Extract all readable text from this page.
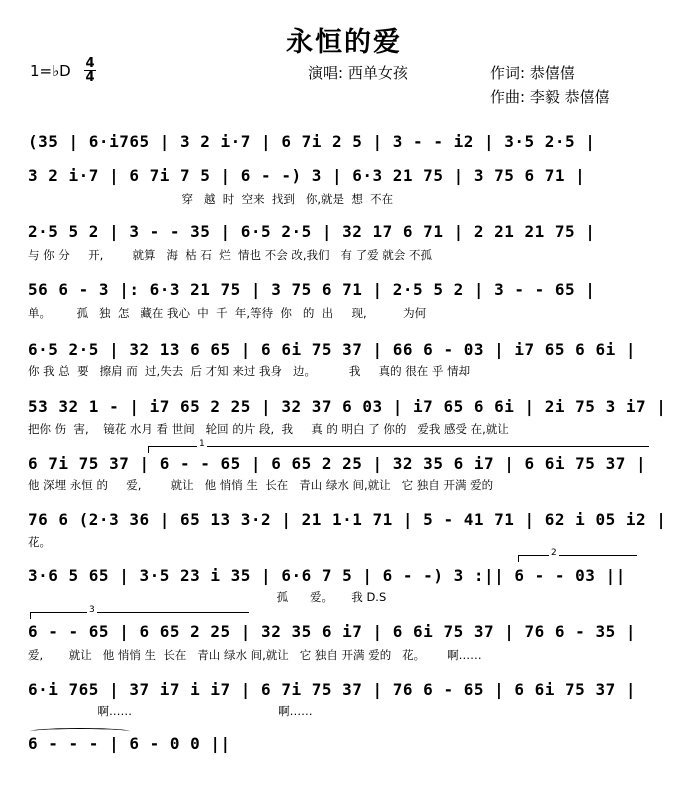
永恒的爱
1=♭D 4
4	演唱: 西单女孩	作词: 恭僖僖
作曲: 李毅 恭僖僖
(35 | 6·i765 | 3 2 i·7 | 6 7i 2 5 | 3 - - i2 | 3·5 2·5 |
3 2 i·7 | 6 7i 7 5 | 6 - -) 3 | 6·3 21 75 | 3 75 6 71 |
穿   越  时  空来  找到   你,就是  想  不在
2·5 5 2 | 3 - - 35 | 6·5 2·5 | 32 17 6 71 | 2 21 21 75 |
与 你 分     开,        就算   海  枯 石  烂  情也 不会 改,我们   有 了爱 就会 不孤
56 6 - 3 |: 6·3 21 75 | 3 75 6 71 | 2·5 5 2 | 3 - - 65 |
单。       孤   独  怎   藏在 我心  中  千  年,等待  你   的  出     现,          为何
6·5 2·5 | 32 13 6 65 | 6 6i 75 37 | 66 6 - 03 | i7 65 6 6i |
你 我 总  要   擦肩 而  过,失去  后 才知 来过 我身   边。         我     真的 很在 乎 情却
53 32 1 - | i7 65 2 25 | 32 37 6 03 | i7 65 6 6i | 2i 75 3 i7 |
把你 伤  害,    镜花 水月 看 世间   轮回 的片 段,  我     真 的 明白 了 你的   爱我 感受 在,就让
1
6 7i 75 37 | 6 - - 65 | 6 65 2 25 | 32 35 6 i7 | 6 6i 75 37 |
他 深埋 永恒 的     爱,        就让   他 悄悄 生  长在   青山 绿水 间,就让   它 独自 开满 爱的
76 6 (2·3 36 | 65 13 3·2 | 21 1·1 71 | 5 - 41 71 | 62 i 05 i2 |
花。
2
3·6 5 65 | 3·5 23 i 35 | 6·6 7 5 | 6 - -) 3 :|| 6 - - 03 ||
孤      爱。     我 D.S
3
6 - - 65 | 6 65 2 25 | 32 35 6 i7 | 6 6i 75 37 | 76 6 - 35 |
爱,       就让   他 悄悄 生  长在   青山 绿水 间,就让   它 独自 开满 爱的   花。      啊……
6·i 765 | 37 i7 i i7 | 6 7i 75 37 | 76 6 - 65 | 6 6i 75 37 |
啊……                                        啊……
6 - - - | 6 - 0 0 ||
